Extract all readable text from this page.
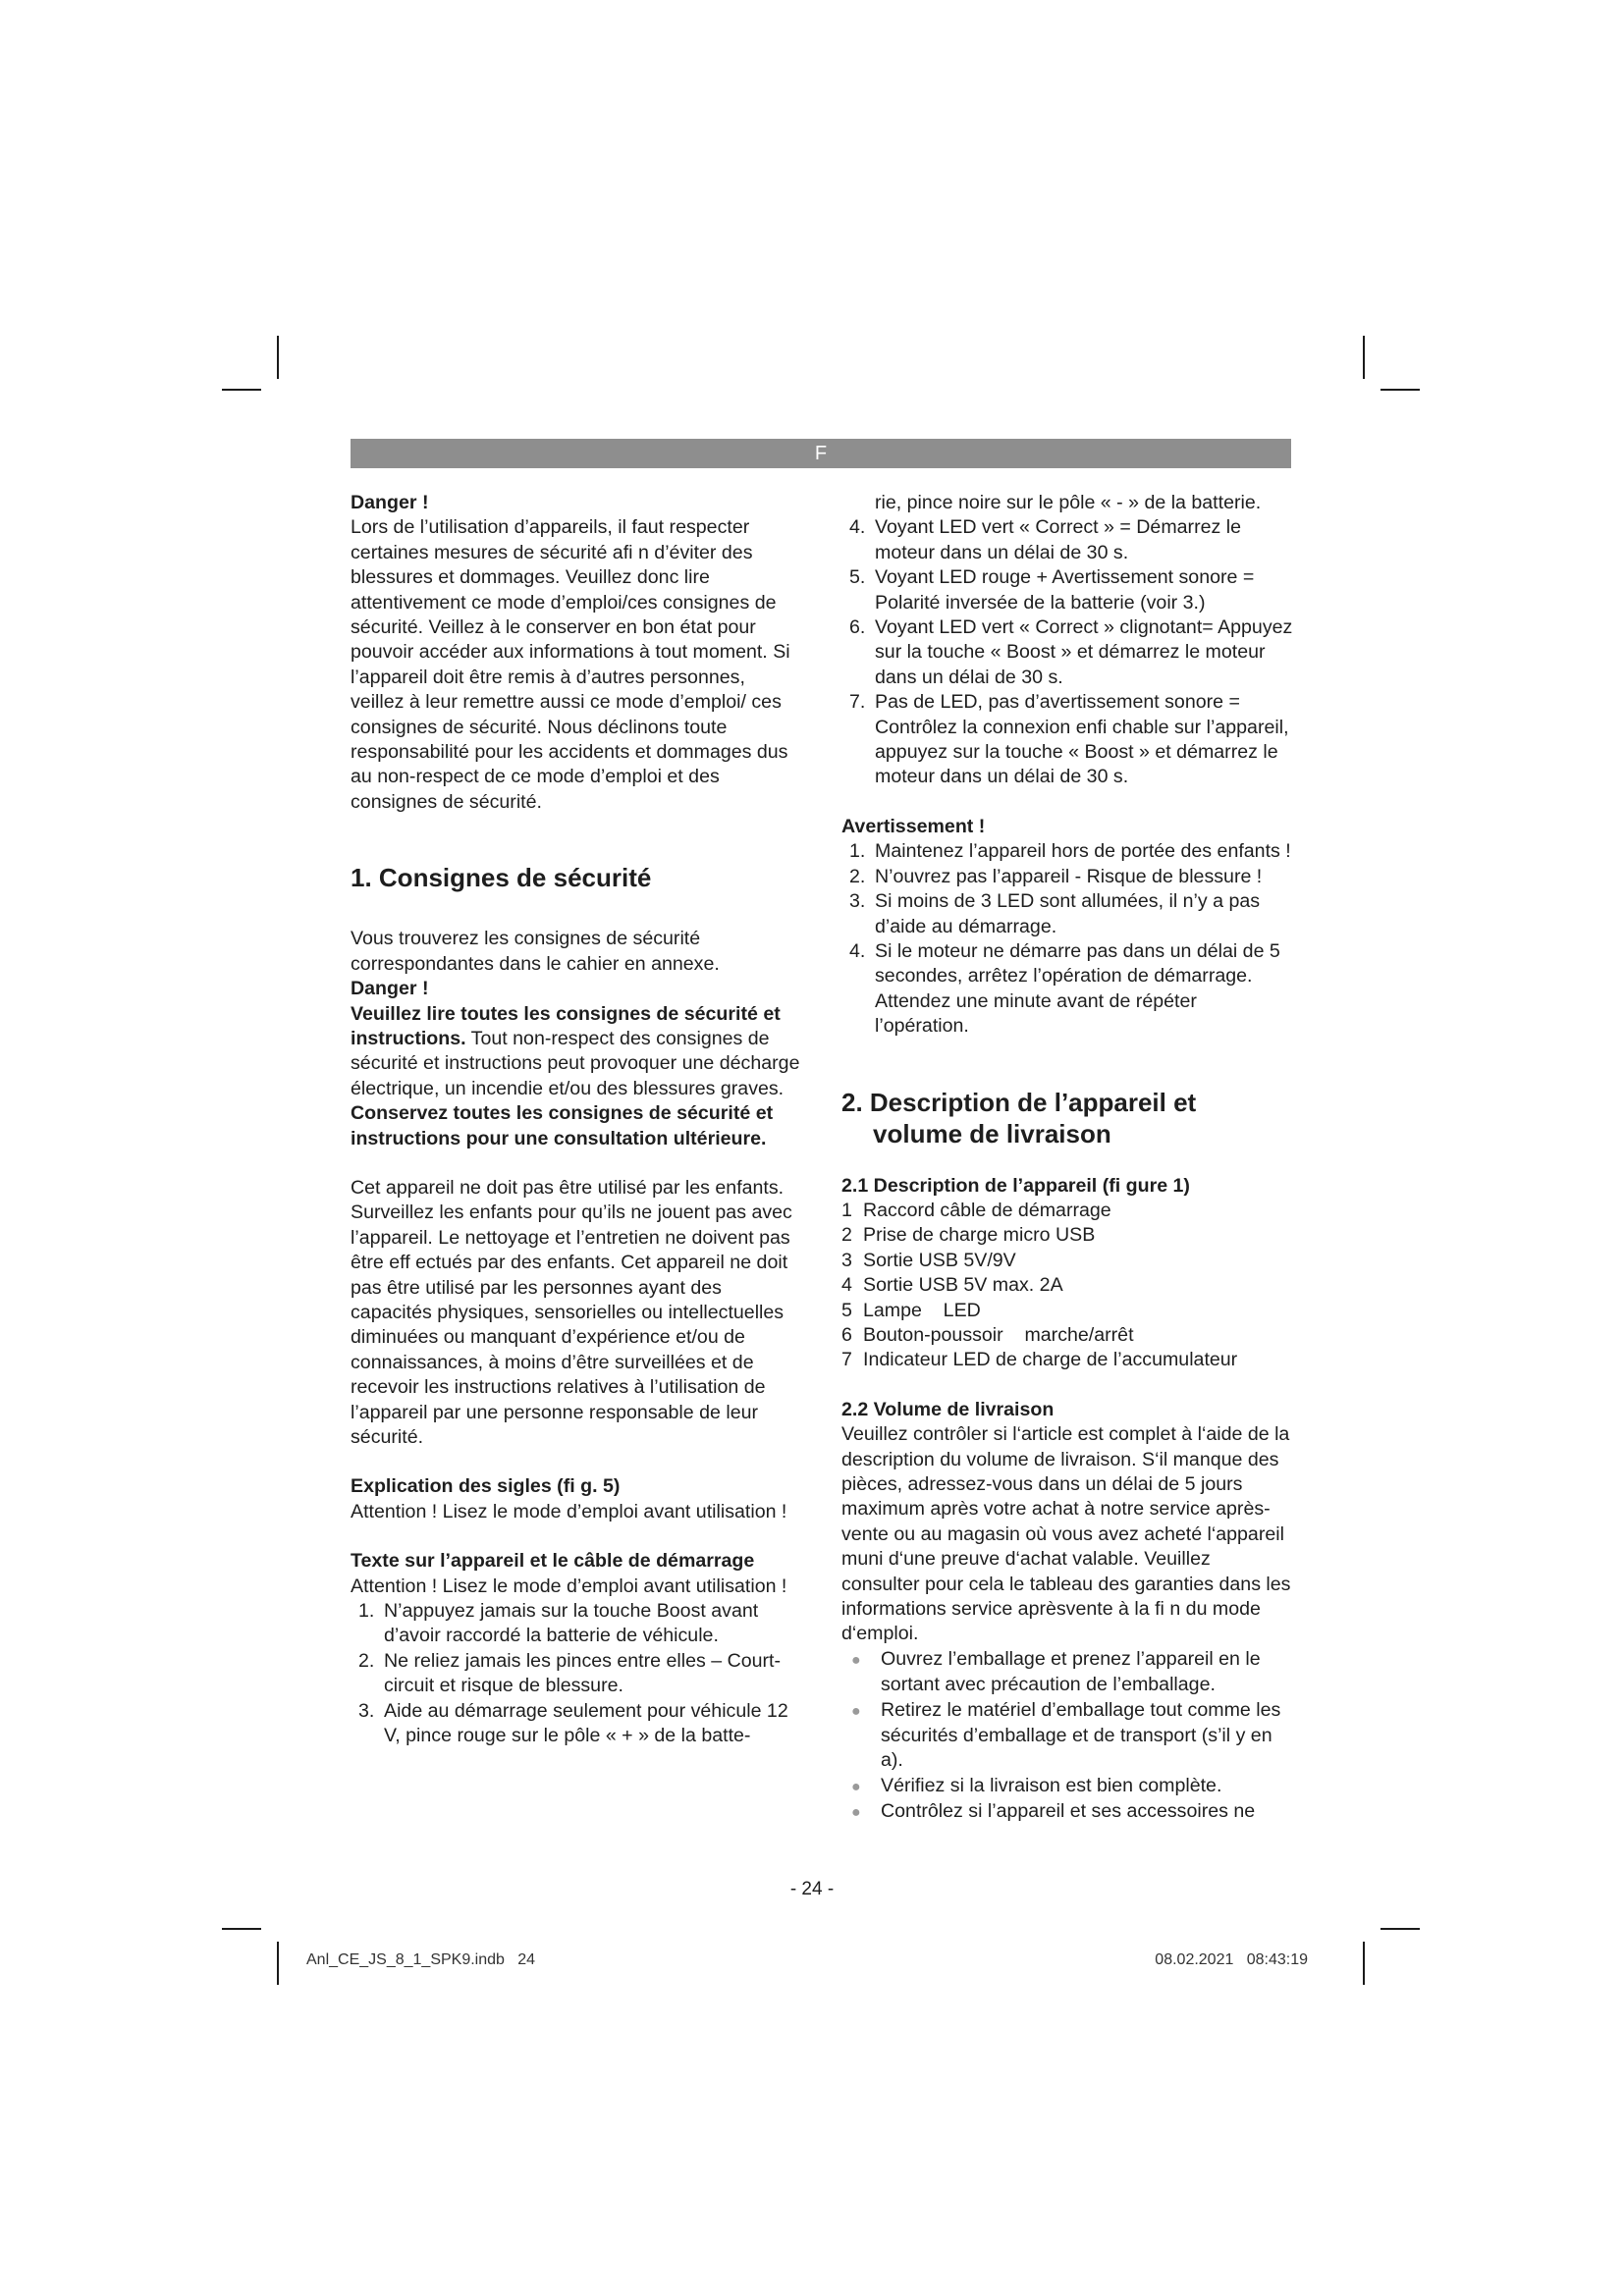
F
Danger !

Lors de l’utilisation d’appareils, il faut respecter certaines mesures de sécurité afi n d’éviter des blessures et dommages. Veuillez donc lire attentivement ce mode d’emploi/ces consignes de sécurité. Veillez à le conserver en bon état pour pouvoir accéder aux informations à tout moment. Si l’appareil doit être remis à d’autres personnes, veillez à leur remettre aussi ce mode d’emploi/ ces consignes de sécurité. Nous déclinons toute responsabilité pour les accidents et dommages dus au non-respect de ce mode d’emploi et des consignes de sécurité.

1. Consignes de sécurité

Vous trouverez les consignes de sécurité correspondantes dans le cahier en annexe.

Danger !

Veuillez lire toutes les consignes de sécurité et instructions. Tout non-respect des consignes de sécurité et instructions peut provoquer une décharge électrique, un incendie et/ou des blessures graves.

Conservez toutes les consignes de sécurité et instructions pour une consultation ultérieure.

Cet appareil ne doit pas être utilisé par les enfants. Surveillez les enfants pour qu’ils ne jouent pas avec l’appareil. Le nettoyage et l’entretien ne doivent pas être eff ectués par des enfants. Cet appareil ne doit pas être utilisé par les personnes ayant des capacités physiques, sensorielles ou intellectuelles diminuées ou manquant d’expérience et/ou de connaissances, à moins d’être surveillées et de recevoir les instructions relatives à l’utilisation de l’appareil par une personne responsable de leur sécurité.

Explication des sigles (fi g. 5)

Attention ! Lisez le mode d’emploi avant utilisation !

Texte sur l’appareil et le câble de démarrage

Attention ! Lisez le mode d’emploi avant utilisation !

1. N’appuyez jamais sur la touche Boost avant d’avoir raccordé la batterie de véhicule.
2. Ne reliez jamais les pinces entre elles – Court-circuit et risque de blessure.
3. Aide au démarrage seulement pour véhicule 12 V, pince rouge sur le pôle « + » de la batte-

rie, pince noire sur le pôle « - » de la batterie.

4. Voyant LED vert « Correct » = Démarrez le moteur dans un délai de 30 s.
5. Voyant LED rouge + Avertissement sonore = Polarité inversée de la batterie (voir 3.)
6. Voyant LED vert « Correct » clignotant= Appuyez sur la touche « Boost » et démarrez le moteur dans un délai de 30 s.
7. Pas de LED, pas d’avertissement sonore = Contrôlez la connexion enfi chable sur l’appareil, appuyez sur la touche « Boost » et démarrez le moteur dans un délai de 30 s.
Avertissement !
1. Maintenez l’appareil hors de portée des enfants !
2. N’ouvrez pas l’appareil - Risque de blessure !
3. Si moins de 3 LED sont allumées, il n’y a pas d’aide au démarrage.
4. Si le moteur ne démarre pas dans un délai de 5 secondes, arrêtez l’opération de démarrage. Attendez une minute avant de répéter l’opération.
2. Description de l’appareil et
volume de livraison
2.1 Description de l’appareil (fi gure 1)
1 Raccord câble de démarrage
2 Prise de charge micro USB
3 Sortie USB 5V/9V
4 Sortie USB 5V max. 2A
5 Lampe    LED
6 Bouton-poussoir    marche/arrêt
7 Indicateur LED de charge de l’accumulateur
2.2 Volume de livraison

Veuillez contrôler si l‘article est complet à l‘aide de la description du volume de livraison. S‘il manque des pièces, adressez-vous dans un délai de 5 jours maximum après votre achat à notre service après-vente ou au magasin où vous avez acheté l‘appareil muni d‘une preuve d‘achat valable. Veuillez consulter pour cela le tableau des garanties dans les informations service aprèsvente à la fi n du mode d‘emploi.

● Ouvrez l’emballage et prenez l’appareil en le sortant avec précaution de l’emballage.
● Retirez le matériel d’emballage tout comme les sécurités d’emballage et de transport (s’il y en a).
● Vérifiez si la livraison est bien complète.
● Contrôlez si l’appareil et ses accessoires ne
- 24 -
Anl_CE_JS_8_1_SPK9.indb   24	08.02.2021   08:43:19
